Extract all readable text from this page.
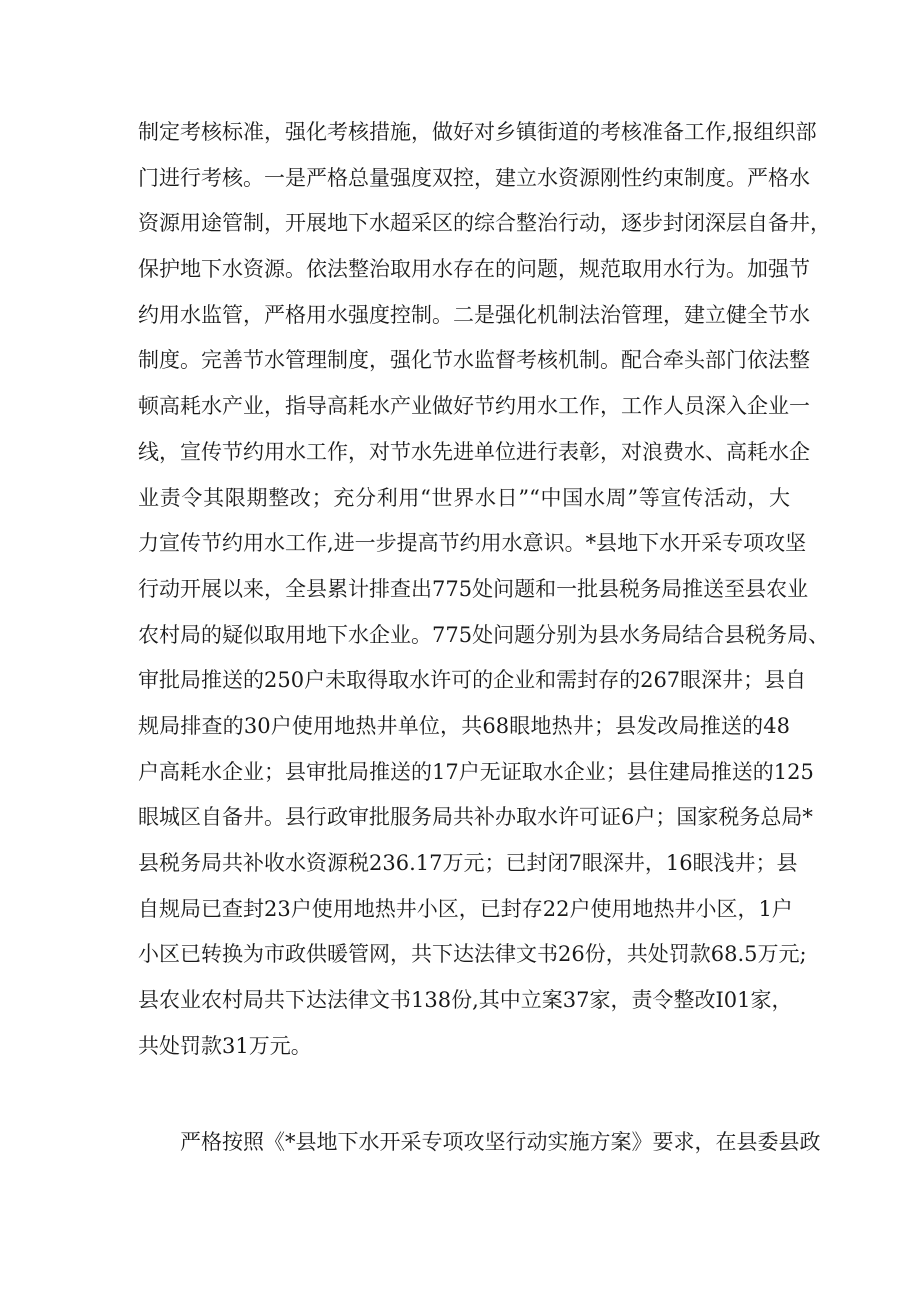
制定考核标准，强化考核措施，做好对乡镇街道的考核准备工作,报组织部
门进行考核。一是严格总量强度双控，建立水资源刚性约束制度。严格水
资源用途管制，开展地下水超采区的综合整治行动，逐步封闭深层自备井，
保护地下水资源。依法整治取用水存在的问题，规范取用水行为。加强节
约用水监管，严格用水强度控制。二是强化机制法治管理，建立健全节水
制度。完善节水管理制度，强化节水监督考核机制。配合牵头部门依法整
顿高耗水产业，指导高耗水产业做好节约用水工作，工作人员深入企业一
线，宣传节约用水工作，对节水先进单位进行表彰，对浪费水、高耗水企
业责令其限期整改；充分利用“世界水日”“中国水周”等宣传活动，大
力宣传节约用水工作,进一步提高节约用水意识。*县地下水开采专项攻坚
行动开展以来，全县累计排查出775处问题和一批县税务局推送至县农业
农村局的疑似取用地下水企业。775处问题分别为县水务局结合县税务局、
审批局推送的250户未取得取水许可的企业和需封存的267眼深井；县自
规局排查的30户使用地热井单位，共68眼地热井；县发改局推送的48
户高耗水企业；县审批局推送的17户无证取水企业；县住建局推送的125
眼城区自备井。县行政审批服务局共补办取水许可证6户；国家税务总局*
县税务局共补收水资源税236.17万元；已封闭7眼深井，16眼浅井；县
自规局已查封23户使用地热井小区，已封存22户使用地热井小区，1户
小区已转换为市政供暖管网，共下达法律文书26份，共处罚款68.5万元;
县农业农村局共下达法律文书138份,其中立案37家，责令整改I01家，
共处罚款31万元。
严格按照《*县地下水开采专项攻坚行动实施方案》要求，在县委县政
